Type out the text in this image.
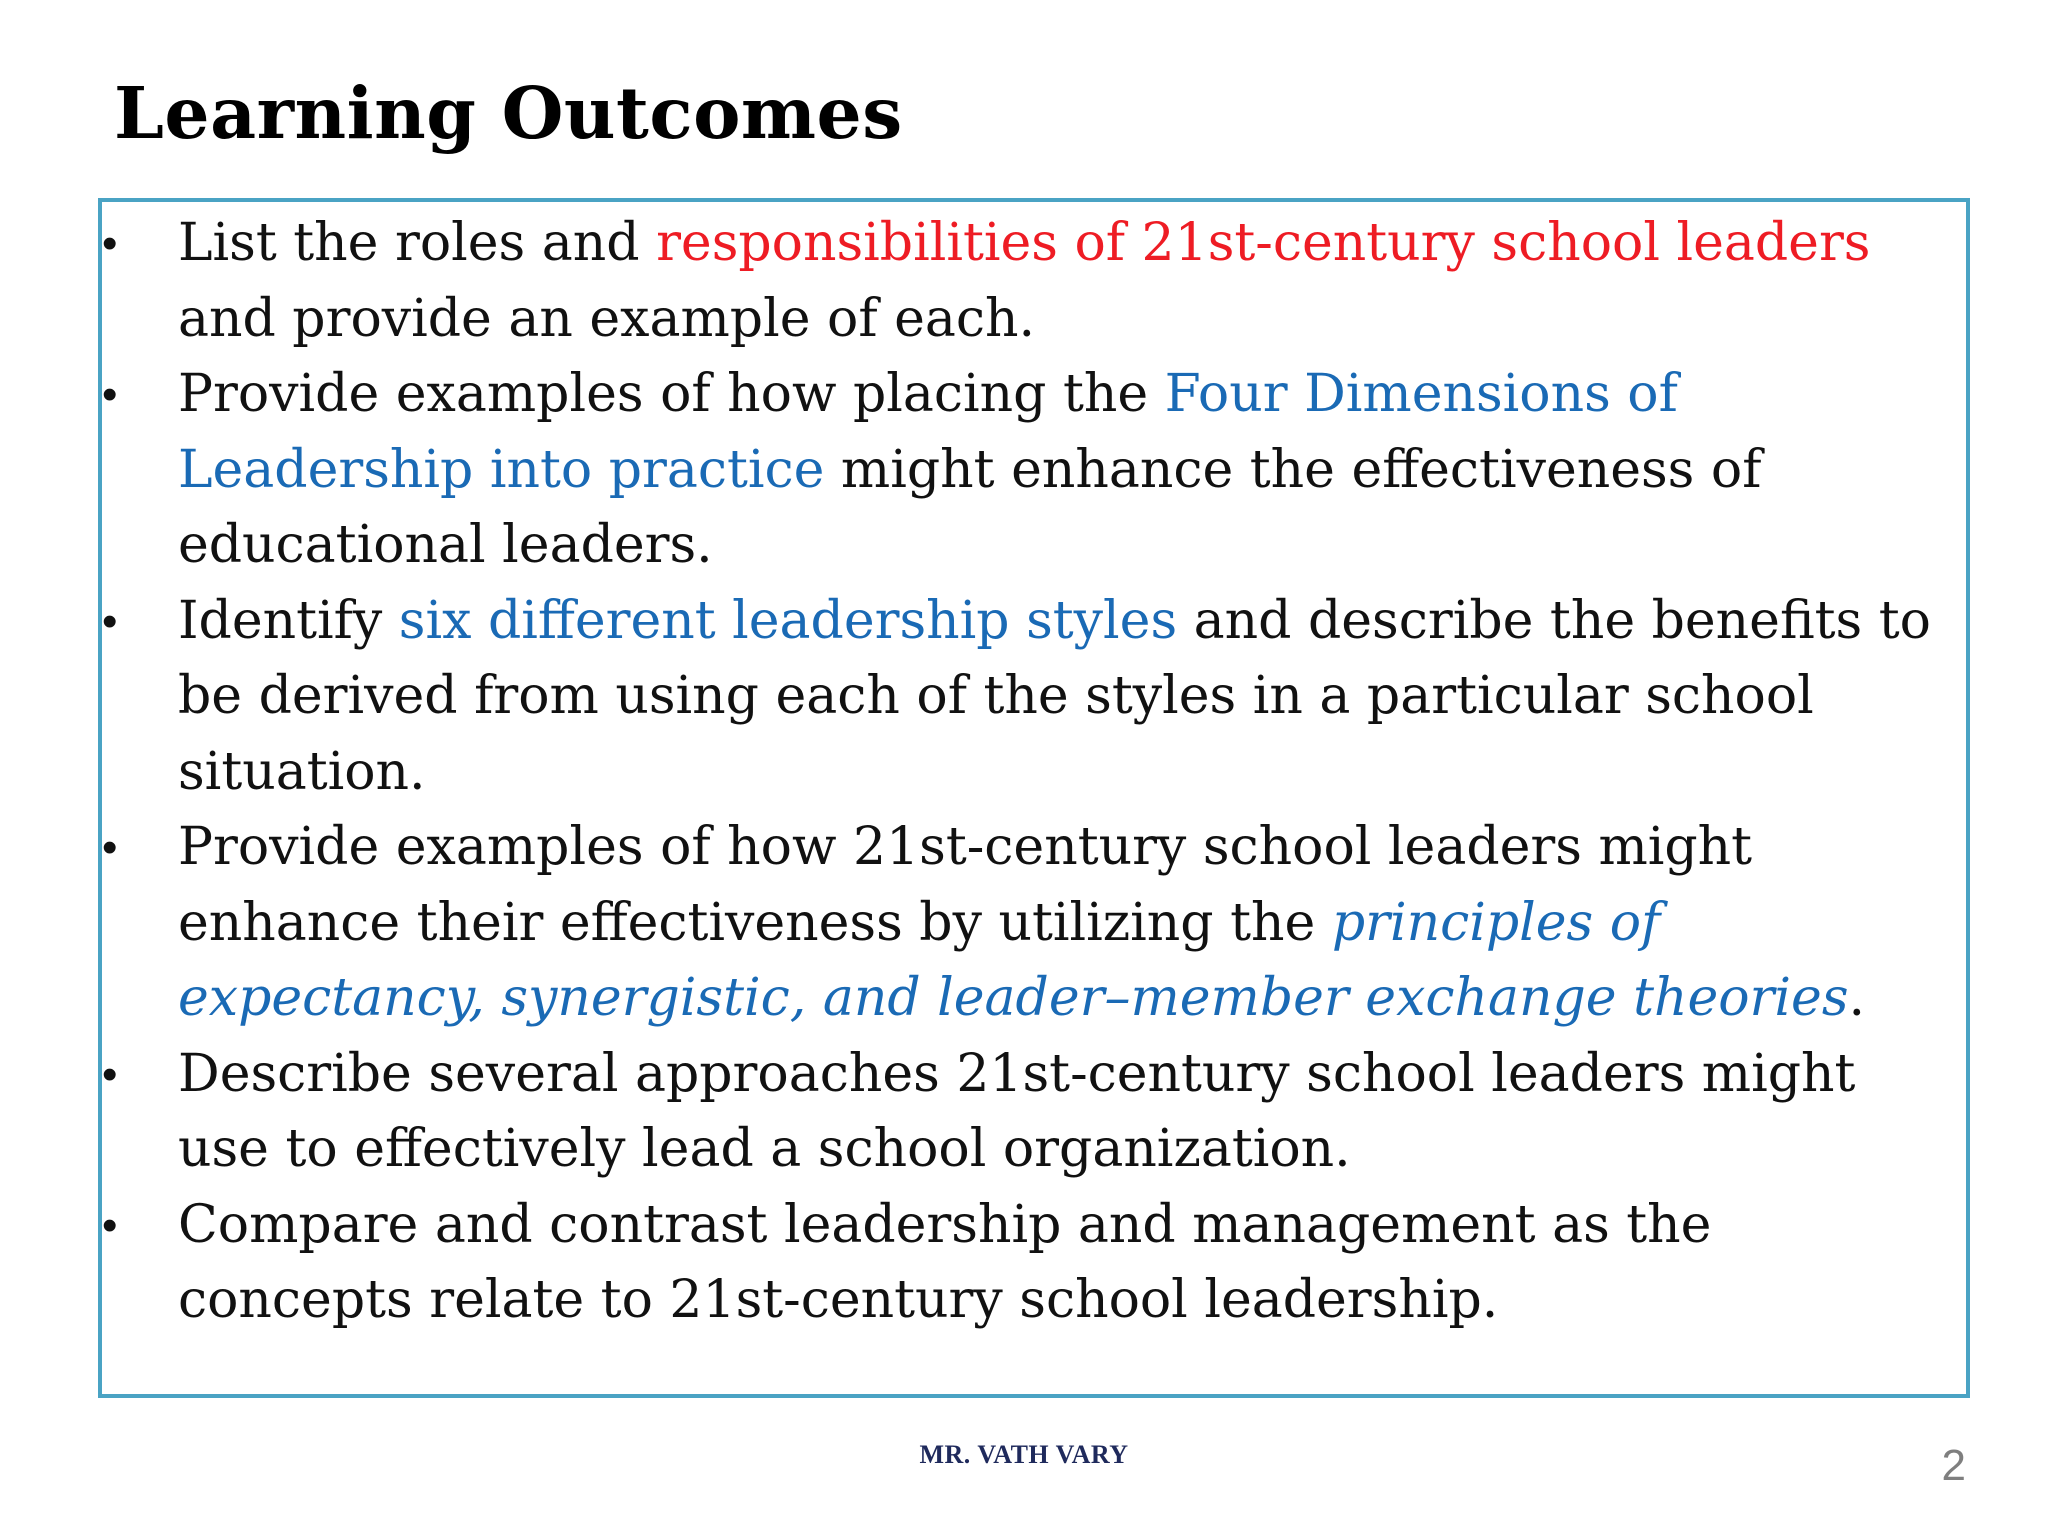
Learning Outcomes
• List the roles and responsibilities of 21st-century school leaders and provide an example of each.
• Provide examples of how placing the Four Dimensions of Leadership into practice might enhance the effectiveness of educational leaders.
• Identify six different leadership styles and describe the benefits to be derived from using each of the styles in a particular school situation.
• Provide examples of how 21st-century school leaders might enhance their effectiveness by utilizing the principles of expectancy, synergistic, and leader–member exchange theories.
• Describe several approaches 21st-century school leaders might use to effectively lead a school organization.
• Compare and contrast leadership and management as the concepts relate to 21st-century school leadership.
MR. VATH VARY	2
